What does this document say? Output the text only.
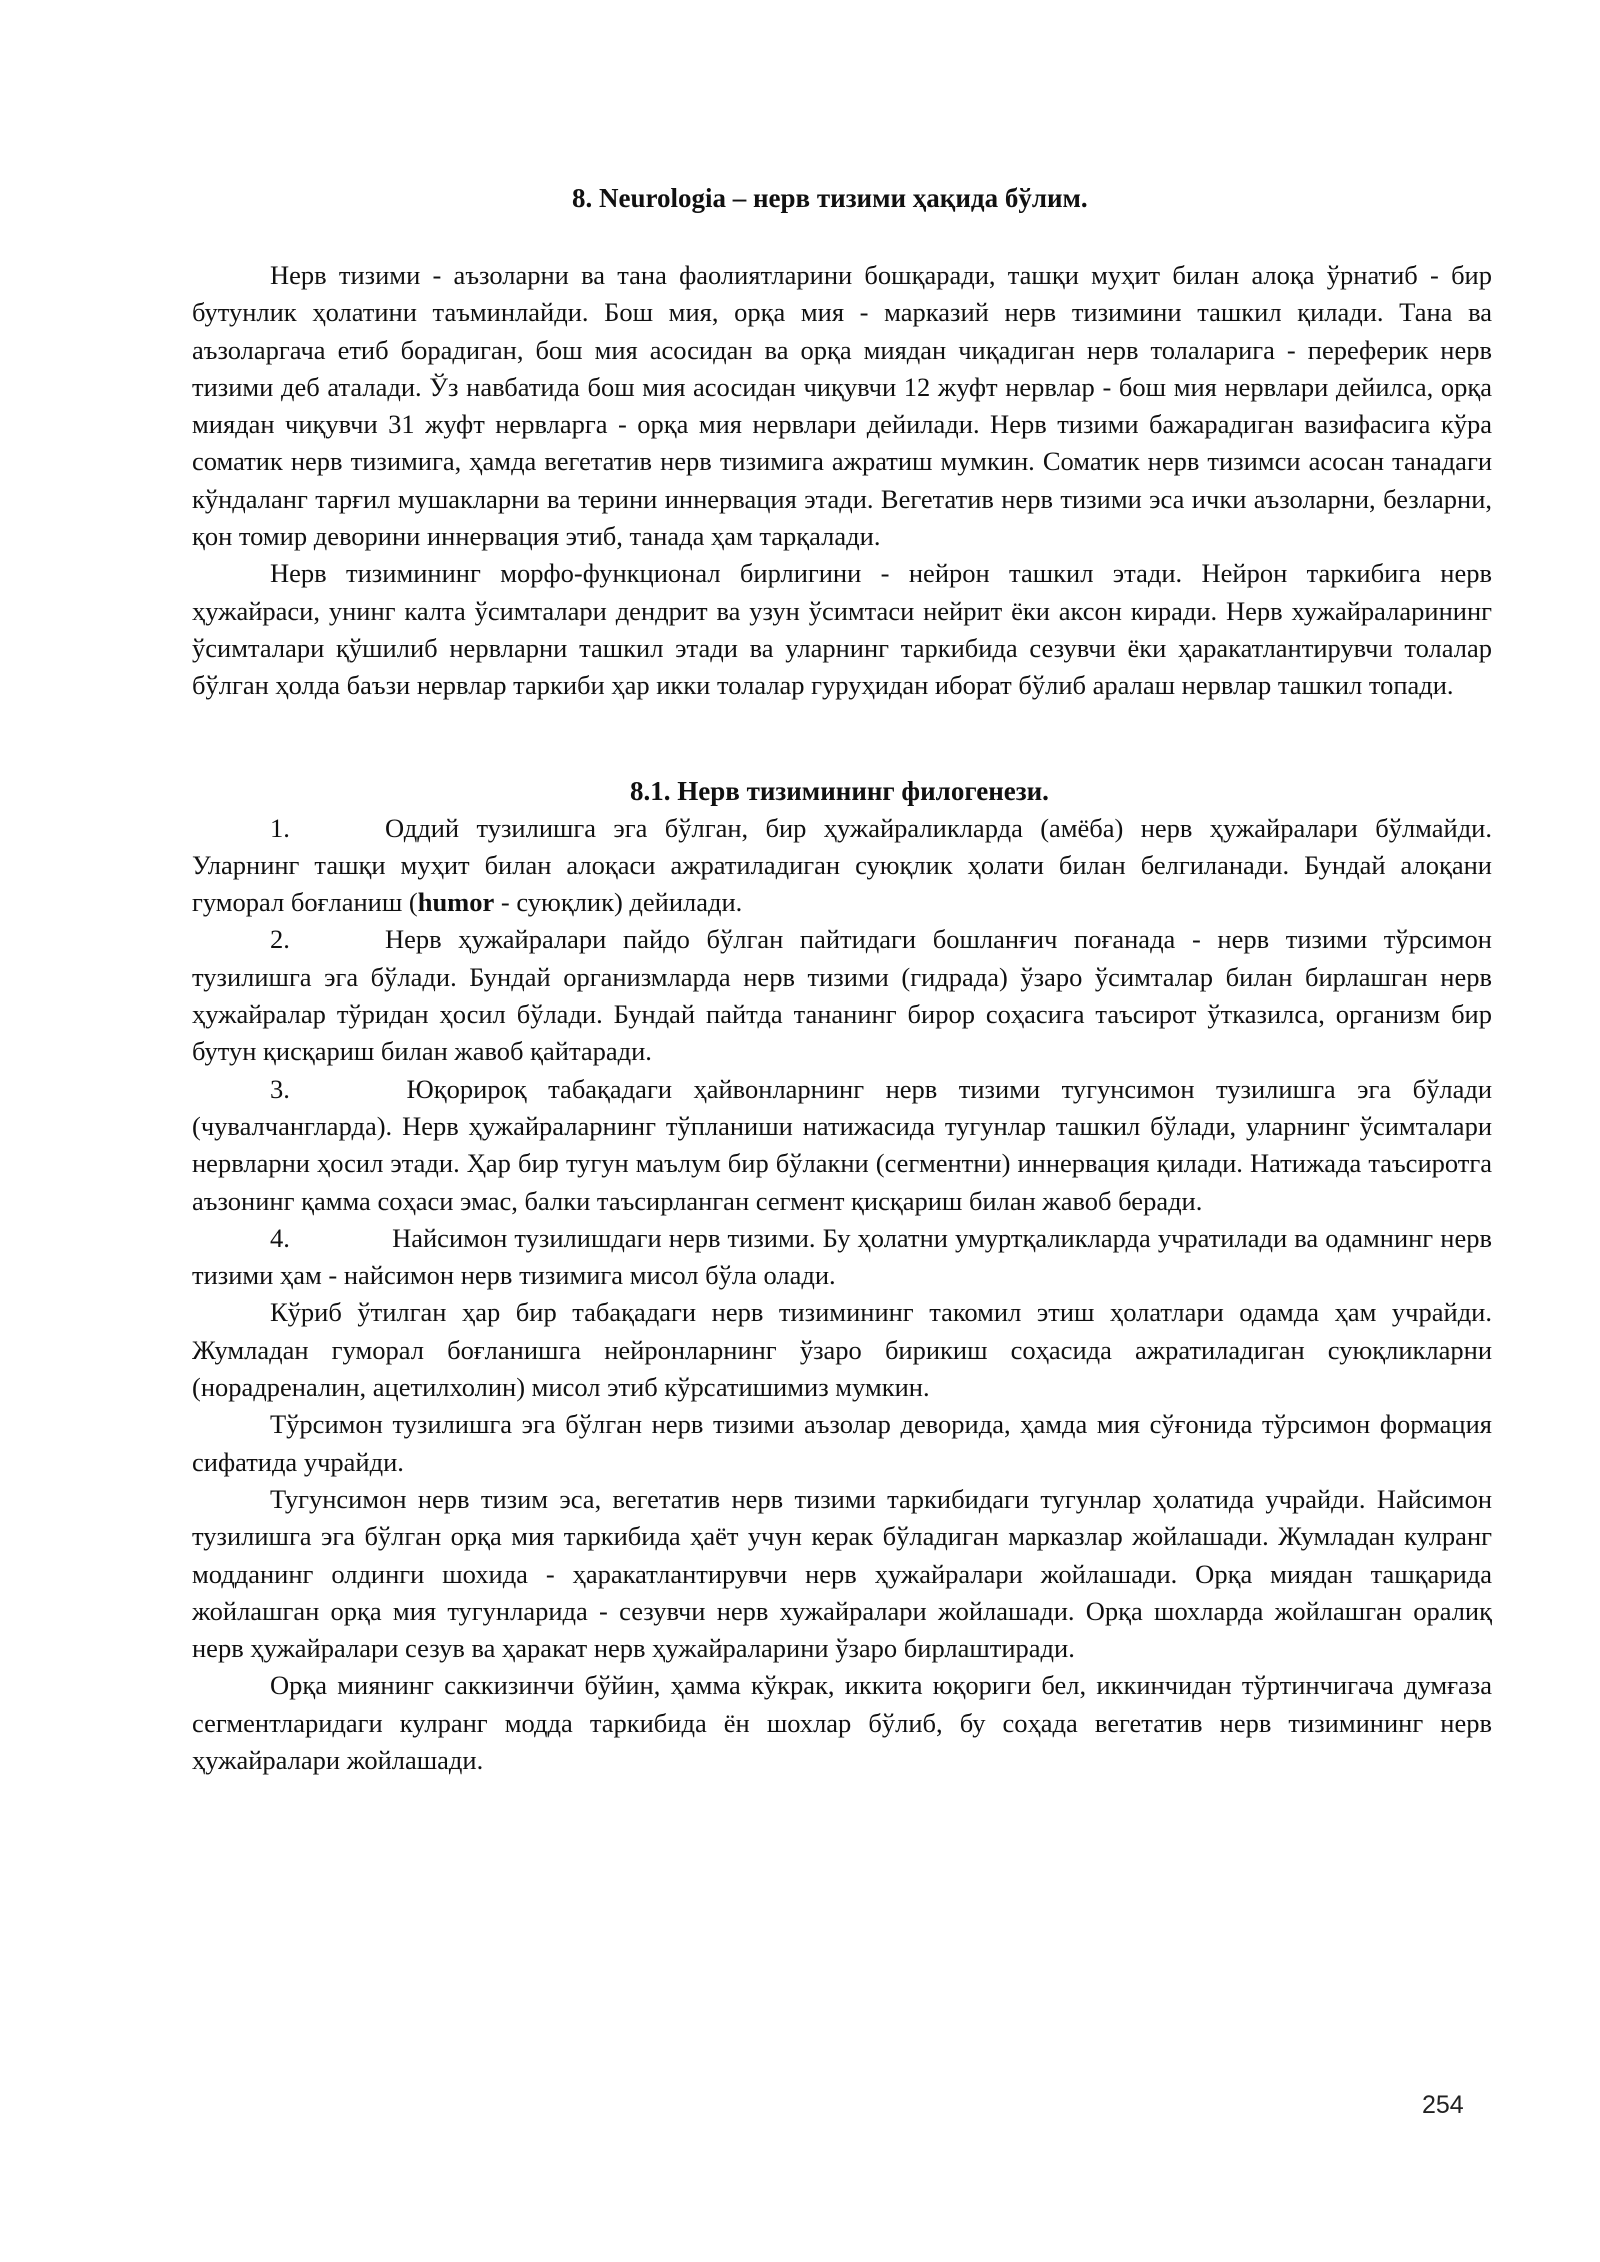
8. Neurologia – нерв тизими ҳақида бўлим.

Нерв тизими - аъзоларни ва тана фаолиятларини бошқаради, ташқи муҳит билан алоқа ўрнатиб - бир бутунлик ҳолатини таъминлайди. Бош мия, орқа мия - марказий нерв тизимини ташкил қилади. Тана ва аъзоларгача етиб борадиган, бош мия асосидан ва орқа миядан чиқадиган нерв толаларига - переферик нерв тизими деб аталади. Ўз навбатида бош мия асосидан чиқувчи 12 жуфт нервлар - бош мия нервлари дейилса, орқа миядан чиқувчи 31 жуфт нервларга - орқа мия нервлари дейилади. Нерв тизими бажарадиган вазифасига кўра соматик нерв тизимига, ҳамда вегетатив нерв тизимига ажратиш мумкин. Соматик нерв тизимси асосан танадаги кўндаланг тарғил мушакларни ва терини иннервация этади. Вегетатив нерв тизими эса ички аъзоларни, безларни, қон томир деворини иннервация этиб, танада ҳам тарқалади.

Нерв тизимининг морфо-функционал бирлигини - нейрон ташкил этади. Нейрон таркибига нерв ҳужайраси, унинг калта ўсимталари дендрит ва узун ўсимтаси нейрит ёки аксон киради. Нерв хужайраларининг ўсимталари қўшилиб нервларни ташкил этади ва уларнинг таркибида сезувчи ёки ҳаракатлантирувчи толалар бўлган ҳолда баъзи нервлар таркиби ҳар икки толалар гуруҳидан иборат бўлиб аралаш нервлар ташкил топади.

8.1. Нерв тизимининг филогенези.

1.	Оддий тузилишга эга бўлган, бир ҳужайраликларда (амёба) нерв ҳужайралари бўлмайди. Уларнинг ташқи муҳит билан алоқаси ажратиладиган суюқлик ҳолати билан белгиланади. Бундай алоқани гуморал боғланиш (humor - суюқлик) дейилади.

2.	Нерв ҳужайралари пайдо бўлган пайтидаги бошланғич поғанада - нерв тизими тўрсимон тузилишга эга бўлади. Бундай организмларда нерв тизими (гидрада) ўзаро ўсимталар билан бирлашган нерв ҳужайралар тўридан ҳосил бўлади. Бундай пайтда тананинг бирор соҳасига таъсирот ўтказилса, организм бир бутун қисқариш билан жавоб қайтаради.

3.	Юқорироқ табақадаги ҳайвонларнинг нерв тизими тугунсимон тузилишга эга бўлади (чувалчангларда). Нерв ҳужайраларнинг тўпланиши натижасида тугунлар ташкил бўлади, уларнинг ўсимталари нервларни ҳосил этади. Ҳар бир тугун маълум бир бўлакни (сегментни) иннервация қилади. Натижада таъсиротга аъзонинг қамма соҳаси эмас, балки таъсирланган сегмент қисқариш билан жавоб беради.

4.	Найсимон тузилишдаги нерв тизими. Бу ҳолатни умуртқаликларда учратилади ва одамнинг нерв тизими ҳам - найсимон нерв тизимига мисол бўла олади.

Кўриб ўтилган ҳар бир табақадаги нерв тизимининг такомил этиш ҳолатлари одамда ҳам учрайди. Жумладан гуморал боғланишга нейронларнинг ўзаро бирикиш соҳасида ажратиладиган суюқликларни (норадреналин, ацетилхолин) мисол этиб кўрсатишимиз мумкин.

Тўрсимон тузилишга эга бўлган нерв тизими аъзолар деворида, ҳамда мия сўғонида тўрсимон формация сифатида учрайди.

Тугунсимон нерв тизим эса, вегетатив нерв тизими таркибидаги тугунлар ҳолатида учрайди. Найсимон тузилишга эга бўлган орқа мия таркибида ҳаёт учун керак бўладиган марказлар жойлашади. Жумладан кулранг модданинг олдинги шохида - ҳаракатлантирувчи нерв ҳужайралари жойлашади. Орқа миядан ташқарида жойлашган орқа мия тугунларида - сезувчи нерв хужайралари жойлашади. Орқа шохларда жойлашган оралиқ нерв ҳужайралари сезув ва ҳаракат нерв ҳужайраларини ўзаро бирлаштиради.

Орқа миянинг саккизинчи бўйин, ҳамма кўкрак, иккита юқориги бел, иккинчидан тўртинчигача думғаза сегментларидаги кулранг модда таркибида ён шохлар бўлиб, бу соҳада вегетатив нерв тизимининг нерв ҳужайралари жойлашади.

254
